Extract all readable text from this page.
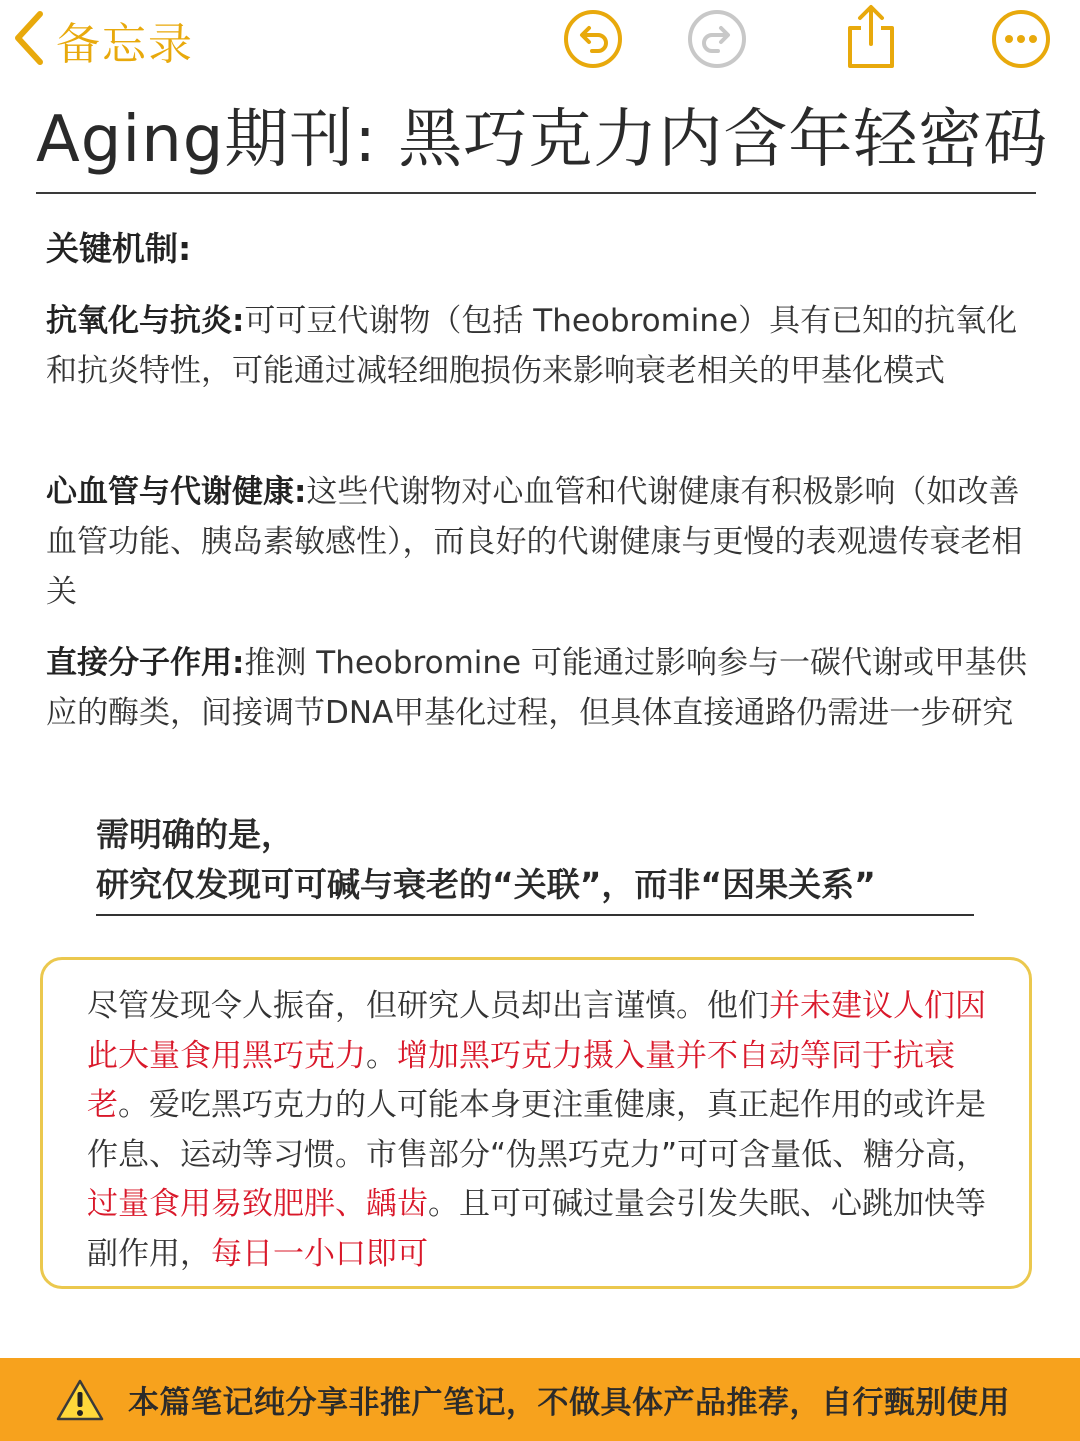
备忘录
Aging期刊: 黑巧克力内含年轻密码
关键机制:
抗氧化与抗炎:可可豆代谢物（包括 Theobromine）具有已知的抗氧化和抗炎特性，可能通过减轻细胞损伤来影响衰老相关的甲基化模式
心血管与代谢健康:这些代谢物对心血管和代谢健康有积极影响（如改善血管功能、胰岛素敏感性），而良好的代谢健康与更慢的表观遗传衰老相关
直接分子作用:推测 Theobromine 可能通过影响参与一碳代谢或甲基供应的酶类，间接调节DNA甲基化过程，但具体直接通路仍需进一步研究
需明确的是，
研究仅发现可可碱与衰老的“关联”，而非“因果关系”
尽管发现令人振奋，但研究人员却出言谨慎。他们并未建议人们因此大量食用黑巧克力。增加黑巧克力摄入量并不自动等同于抗衰老。爱吃黑巧克力的人可能本身更注重健康，真正起作用的或许是作息、运动等习惯。市售部分“伪黑巧克力”可可含量低、糖分高，过量食用易致肥胖、龋齿。且可可碱过量会引发失眠、心跳加快等副作用，每日一小口即可
本篇笔记纯分享非推广笔记，不做具体产品推荐，自行甄别使用
